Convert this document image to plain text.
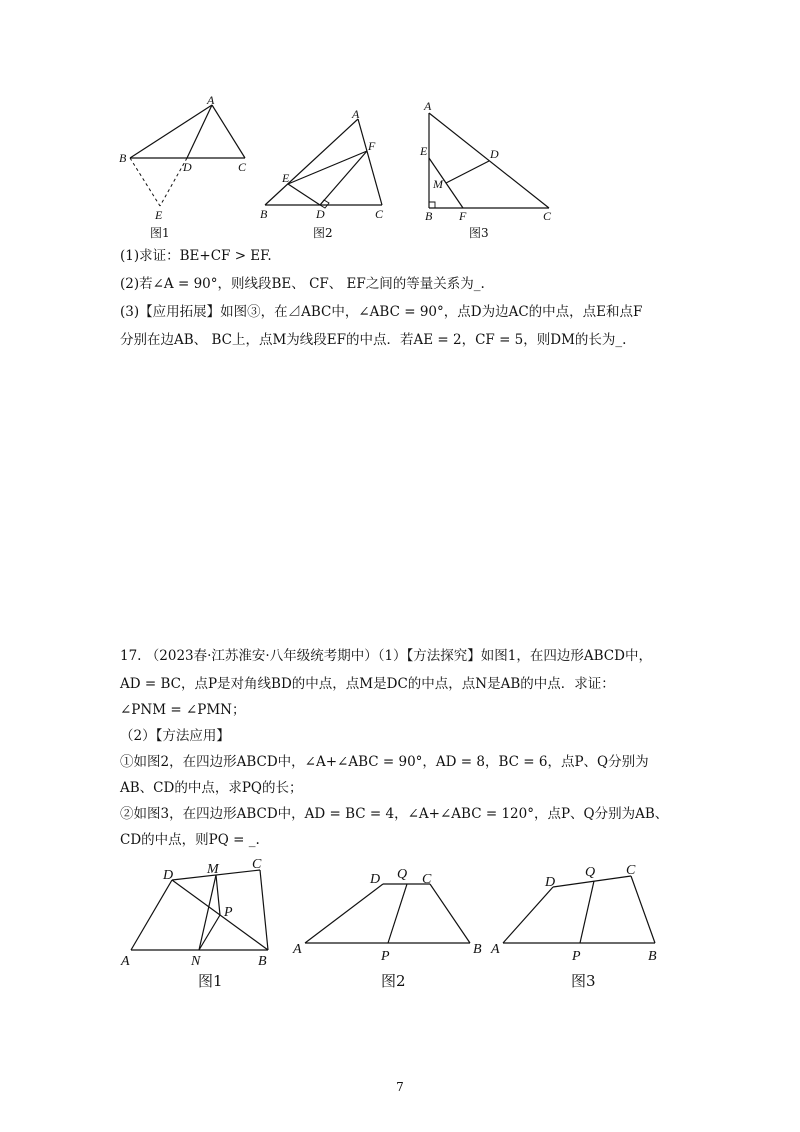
A
B
D	C
E
图1
A
E
F
B	D	C
图2
A
E	D
M
B F	C
图3
(1)求证：BE+CF > EF.
(2)若∠A = 90°，则线段BE、 CF、 EF之间的等量关系为_.
(3)【应用拓展】如图③，在⊿ABC中，∠ABC = 90°，点D为边AC的中点，点E和点F
分别在边AB、 BC上，点M为线段EF的中点．若AE = 2，CF = 5，则DM的长为_.
17. （2023春·江苏淮安·八年级统考期中）（1）【方法探究】如图1，在四边形ABCD中，
AD = BC，点P是对角线BD的中点，点M是DC的中点，点N是AB的中点．求证：
∠PNM = ∠PMN；
（2）【方法应用】
①如图2，在四边形ABCD中，∠A+∠ABC = 90°，AD = 8，BC = 6，点P、Q分别为
AB、CD的中点，求PQ的长；
②如图3，在四边形ABCD中，AD = BC = 4，∠A+∠ABC = 120°，点P、Q分别为AB、
CD的中点，则PQ = _.
D M C
P
A	N	B
图1
D Q C
A	P	B
图2
D
Q C
A	P	B
图3
7
